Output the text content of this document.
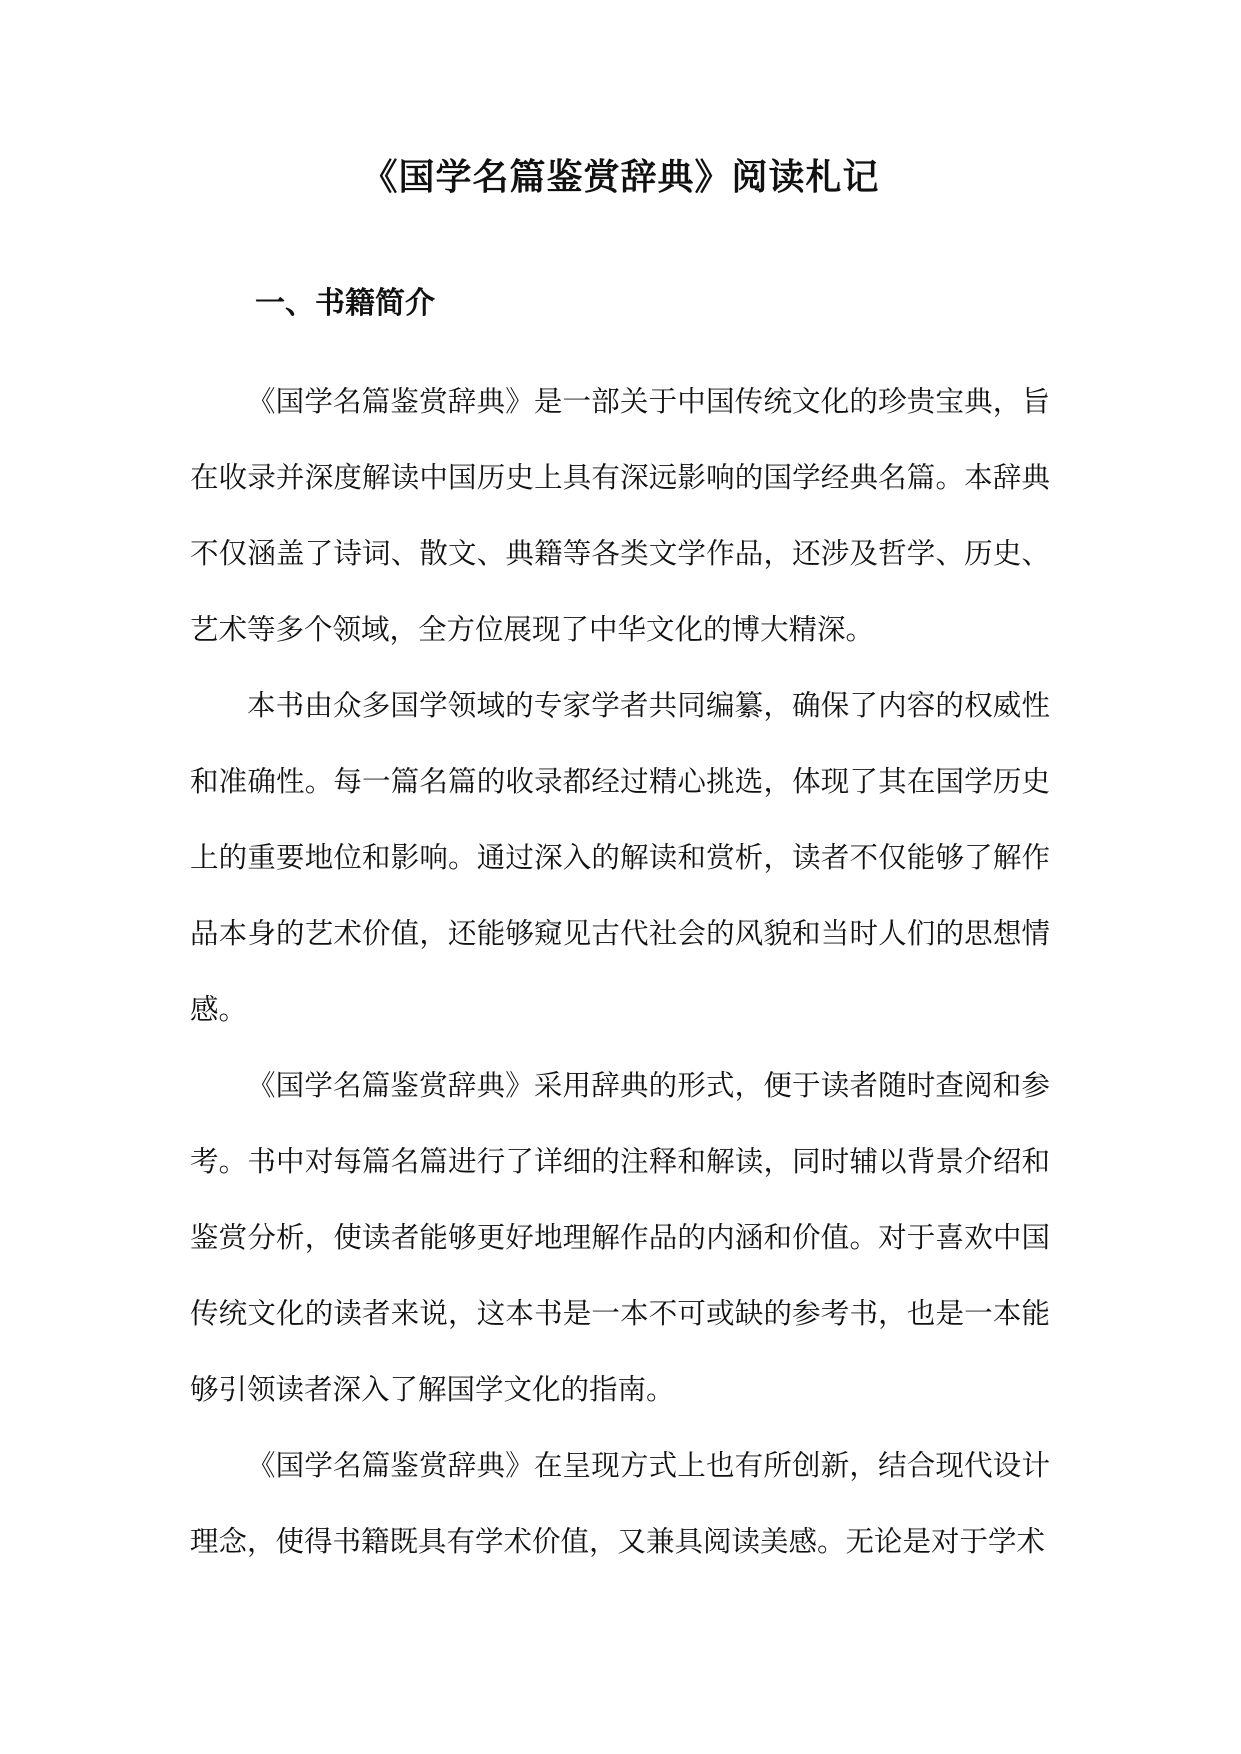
《国学名篇鉴赏辞典》阅读札记
一、书籍简介

《国学名篇鉴赏辞典》是一部关于中国传统文化的珍贵宝典，旨在收录并深度解读中国历史上具有深远影响的国学经典名篇。本辞典不仅涵盖了诗词、散文、典籍等各类文学作品，还涉及哲学、历史、艺术等多个领域，全方位展现了中华文化的博大精深。

本书由众多国学领域的专家学者共同编纂，确保了内容的权威性和准确性。每一篇名篇的收录都经过精心挑选，体现了其在国学历史上的重要地位和影响。通过深入的解读和赏析，读者不仅能够了解作品本身的艺术价值，还能够窥见古代社会的风貌和当时人们的思想情感。

《国学名篇鉴赏辞典》采用辞典的形式，便于读者随时查阅和参考。书中对每篇名篇进行了详细的注释和解读，同时辅以背景介绍和鉴赏分析，使读者能够更好地理解作品的内涵和价值。对于喜欢中国传统文化的读者来说，这本书是一本不可或缺的参考书，也是一本能够引领读者深入了解国学文化的指南。

《国学名篇鉴赏辞典》在呈现方式上也有所创新，结合现代设计理念，使得书籍既具有学术价值，又兼具阅读美感。无论是对于学术
